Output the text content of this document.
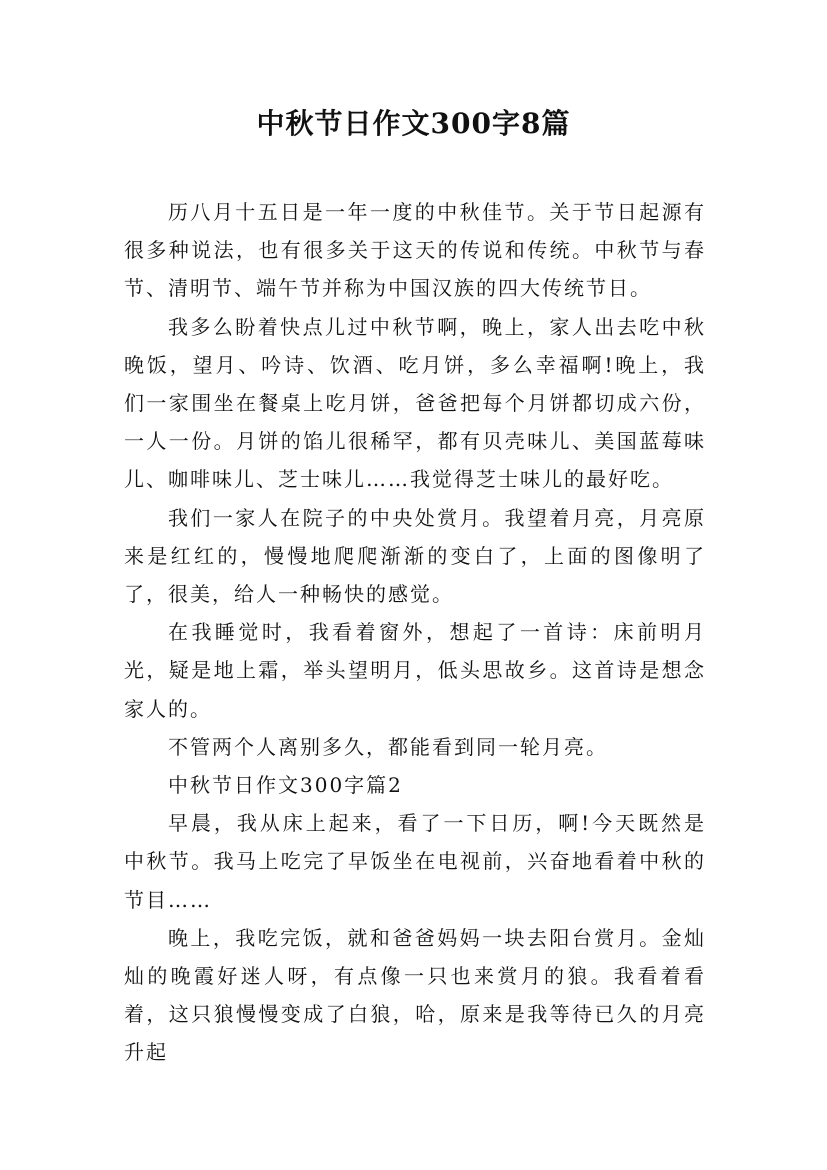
中秋节日作文300字8篇

历八月十五日是一年一度的中秋佳节。关于节日起源有很多种说法，也有很多关于这天的传说和传统。中秋节与春节、清明节、端午节并称为中国汉族的四大传统节日。

我多么盼着快点儿过中秋节啊，晚上，家人出去吃中秋晚饭，望月、吟诗、饮酒、吃月饼，多么幸福啊!晚上，我们一家围坐在餐桌上吃月饼，爸爸把每个月饼都切成六份，一人一份。月饼的馅儿很稀罕，都有贝壳味儿、美国蓝莓味儿、咖啡味儿、芝士味儿……我觉得芝士味儿的最好吃。

我们一家人在院子的中央处赏月。我望着月亮，月亮原来是红红的，慢慢地爬爬渐渐的变白了，上面的图像明了了，很美，给人一种畅快的感觉。

在我睡觉时，我看着窗外，想起了一首诗：床前明月光，疑是地上霜，举头望明月，低头思故乡。这首诗是想念家人的。

不管两个人离别多久，都能看到同一轮月亮。

中秋节日作文300字篇2

早晨，我从床上起来，看了一下日历，啊!今天既然是中秋节。我马上吃完了早饭坐在电视前，兴奋地看着中秋的节目……

晚上，我吃完饭，就和爸爸妈妈一块去阳台赏月。金灿灿的晚霞好迷人呀，有点像一只也来赏月的狼。我看着看着，这只狼慢慢变成了白狼，哈，原来是我等待已久的月亮升起
